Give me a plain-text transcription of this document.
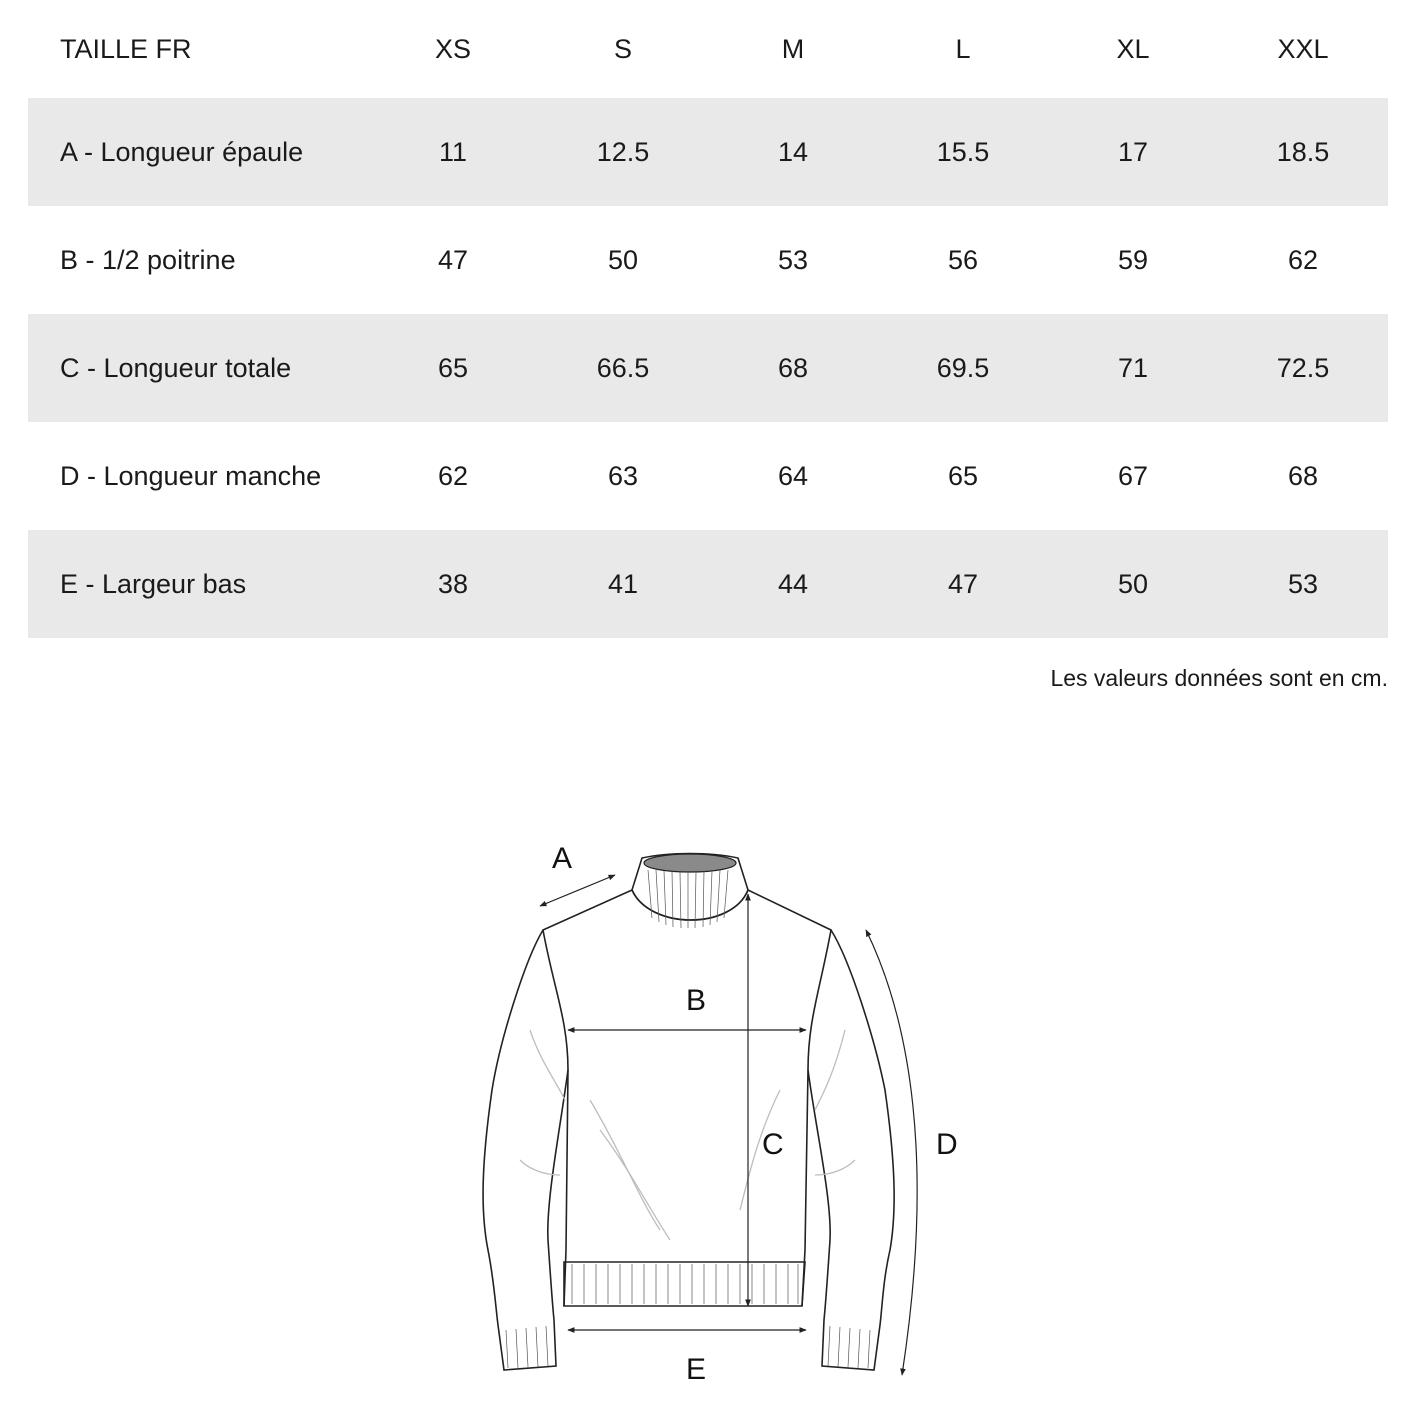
TAILLE FR	XS	S	M	L	XL	XXL
A - Longueur épaule	11	12.5	14	15.5	17	18.5
B - 1/2 poitrine	47	50	53	56	59	62
C - Longueur totale	65	66.5	68	69.5	71	72.5
D - Longueur manche	62	63	64	65	67	68
E - Largeur bas	38	41	44	47	50	53
Les valeurs données sont en cm.
A
B
C	D
E
